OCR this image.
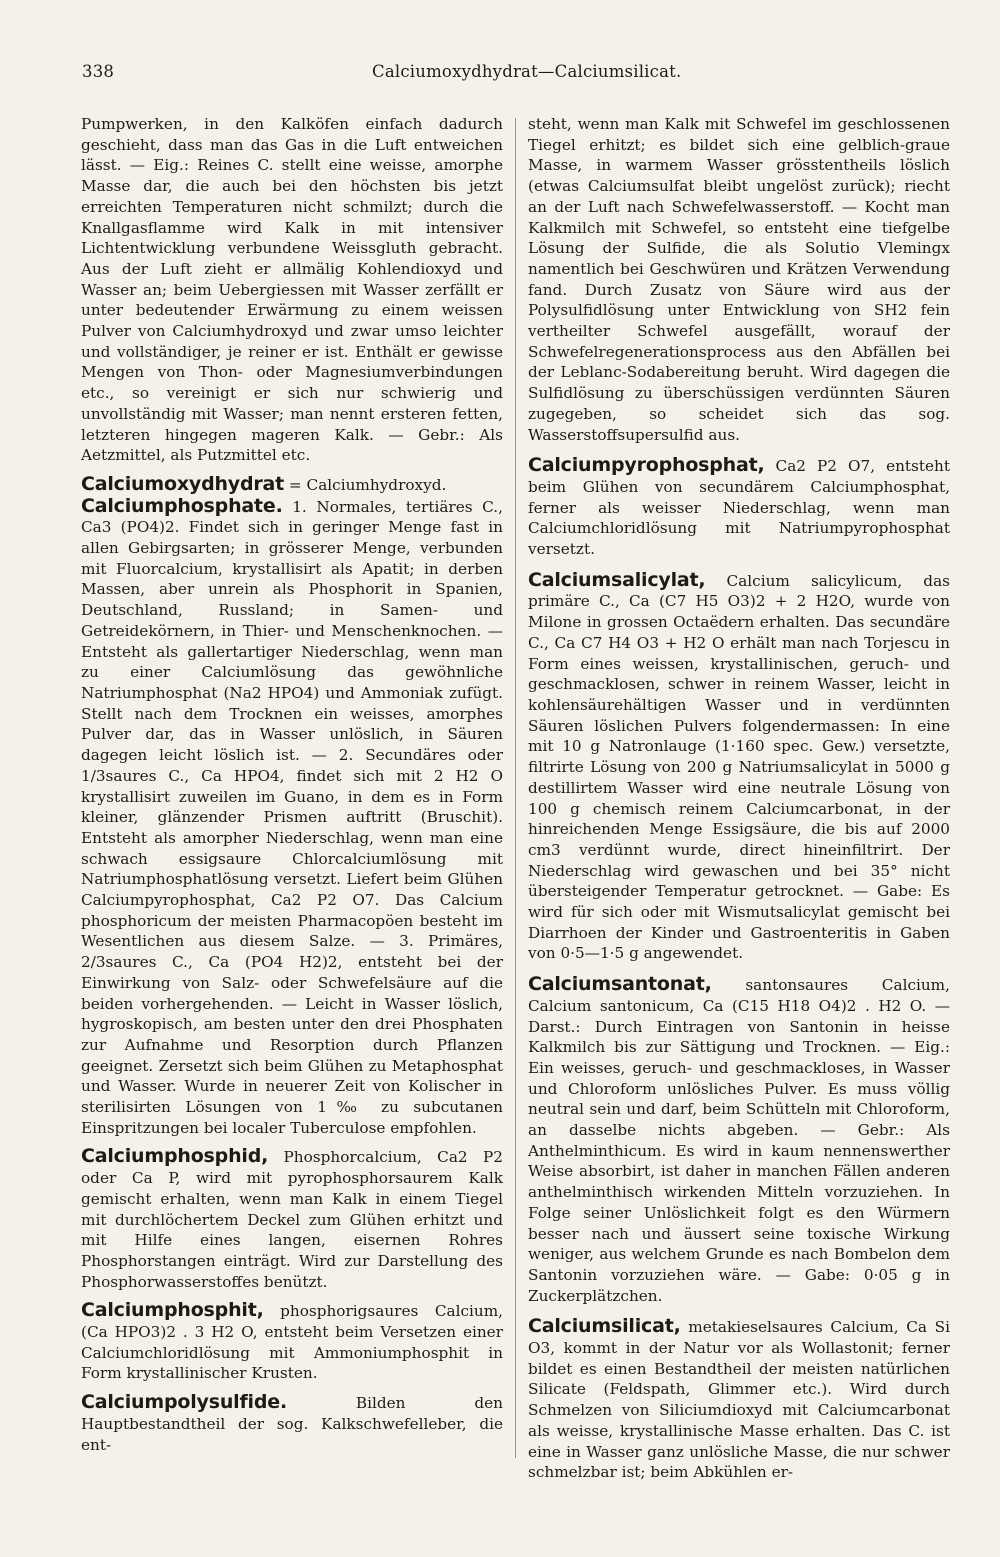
338	Calciumoxydhydrat—Calciumsilicat.

Pumpwerken, in den Kalköfen einfach dadurch geschieht, dass man das Gas in die Luft entweichen lässt. — Eig.: Reines C. stellt eine weisse, amorphe Masse dar, die auch bei den höchsten bis jetzt erreichten Temperaturen nicht schmilzt; durch die Knallgasflamme wird Kalk in mit intensiver Lichtentwicklung verbundene Weissgluth gebracht. Aus der Luft zieht er allmälig Kohlendioxyd und Wasser an; beim Uebergiessen mit Wasser zerfällt er unter bedeutender Erwärmung zu einem weissen Pulver von Calciumhydroxyd und zwar umso leichter und vollständiger, je reiner er ist. Enthält er gewisse Mengen von Thon- oder Magnesiumverbindungen etc., so vereinigt er sich nur schwierig und unvollständig mit Wasser; man nennt ersteren fetten, letzteren hingegen mageren Kalk. — Gebr.: Als Aetzmittel, als Putzmittel etc.

Calciumoxydhydrat = Calciumhydroxyd.

Calciumphosphate. 1. Normales, tertiäres C., Ca3 (PO4)2. Findet sich in geringer Menge fast in allen Gebirgsarten; in grösserer Menge, verbunden mit Fluorcalcium, krystallisirt als Apatit; in derben Massen, aber unrein als Phosphorit in Spanien, Deutschland, Russland; in Samen- und Getreidekörnern, in Thier- und Menschenknochen. — Entsteht als gallertartiger Niederschlag, wenn man zu einer Calciumlösung das gewöhnliche Natriumphosphat (Na2 HPO4) und Ammoniak zufügt. Stellt nach dem Trocknen ein weisses, amorphes Pulver dar, das in Wasser unlöslich, in Säuren dagegen leicht löslich ist. — 2. Secundäres oder 1/3saures C., Ca HPO4, findet sich mit 2 H2 O krystallisirt zuweilen im Guano, in dem es in Form kleiner, glänzender Prismen auftritt (Bruschit). Entsteht als amorpher Niederschlag, wenn man eine schwach essigsaure Chlorcalciumlösung mit Natriumphosphatlösung versetzt. Liefert beim Glühen Calciumpyrophosphat, Ca2 P2 O7. Das Calcium phosphoricum der meisten Pharmacopöen besteht im Wesentlichen aus diesem Salze. — 3. Primäres, 2/3saures C., Ca (PO4 H2)2, entsteht bei der Einwirkung von Salz- oder Schwefelsäure auf die beiden vorhergehenden. — Leicht in Wasser löslich, hygroskopisch, am besten unter den drei Phosphaten zur Aufnahme und Resorption durch Pflanzen geeignet. Zersetzt sich beim Glühen zu Metaphosphat und Wasser. Wurde in neuerer Zeit von Kolischer in sterilisirten Lösungen von 1‰ zu subcutanen Einspritzungen bei localer Tuberculose empfohlen.

Calciumphosphid, Phosphorcalcium, Ca2 P2 oder Ca P, wird mit pyrophosphorsaurem Kalk gemischt erhalten, wenn man Kalk in einem Tiegel mit durchlöchertem Deckel zum Glühen erhitzt und mit Hilfe eines langen, eisernen Rohres Phosphorstangen einträgt. Wird zur Darstellung des Phosphorwasserstoffes benützt.

Calciumphosphit, phosphorigsaures Calcium, (Ca HPO3)2 . 3 H2 O, entsteht beim Versetzen einer Calciumchloridlösung mit Ammoniumphosphit in Form krystallinischer Krusten.

Calciumpolysulfide. Bilden den Hauptbestandtheil der sog. Kalkschwefelleber, die ent-

steht, wenn man Kalk mit Schwefel im geschlossenen Tiegel erhitzt; es bildet sich eine gelblich-graue Masse, in warmem Wasser grösstentheils löslich (etwas Calciumsulfat bleibt ungelöst zurück); riecht an der Luft nach Schwefelwasserstoff. — Kocht man Kalkmilch mit Schwefel, so entsteht eine tiefgelbe Lösung der Sulfide, die als Solutio Vlemingx namentlich bei Geschwüren und Krätzen Verwendung fand. Durch Zusatz von Säure wird aus der Polysulfidlösung unter Entwicklung von SH2 fein vertheilter Schwefel ausgefällt, worauf der Schwefelregenerationsprocess aus den Abfällen bei der Leblanc-Sodabereitung beruht. Wird dagegen die Sulfidlösung zu überschüssigen verdünnten Säuren zugegeben, so scheidet sich das sog. Wasserstoffsupersulfid aus.

Calciumpyrophosphat, Ca2 P2 O7, entsteht beim Glühen von secundärem Calciumphosphat, ferner als weisser Niederschlag, wenn man Calciumchloridlösung mit Natriumpyrophosphat versetzt.

Calciumsalicylat, Calcium salicylicum, das primäre C., Ca (C7 H5 O3)2 + 2 H2O, wurde von Milone in grossen Octaëdern erhalten. Das secundäre C., Ca C7 H4 O3 + H2 O erhält man nach Torjescu in Form eines weissen, krystallinischen, geruch- und geschmacklosen, schwer in reinem Wasser, leicht in kohlensäurehältigen Wasser und in verdünnten Säuren löslichen Pulvers folgendermassen: In eine mit 10 g Natronlauge (1·160 spec. Gew.) versetzte, filtrirte Lösung von 200 g Natriumsalicylat in 5000 g destillirtem Wasser wird eine neutrale Lösung von 100 g chemisch reinem Calciumcarbonat, in der hinreichenden Menge Essigsäure, die bis auf 2000 cm3 verdünnt wurde, direct hineinfiltrirt. Der Niederschlag wird gewaschen und bei 35° nicht übersteigender Temperatur getrocknet. — Gabe: Es wird für sich oder mit Wismutsalicylat gemischt bei Diarrhoen der Kinder und Gastroenteritis in Gaben von 0·5—1·5 g angewendet.

Calciumsantonat, santonsaures Calcium, Calcium santonicum, Ca (C15 H18 O4)2 . H2 O. — Darst.: Durch Eintragen von Santonin in heisse Kalkmilch bis zur Sättigung und Trocknen. — Eig.: Ein weisses, geruch- und geschmackloses, in Wasser und Chloroform unlösliches Pulver. Es muss völlig neutral sein und darf, beim Schütteln mit Chloroform, an dasselbe nichts abgeben. — Gebr.: Als Anthelminthicum. Es wird in kaum nennenswerther Weise absorbirt, ist daher in manchen Fällen anderen anthelminthisch wirkenden Mitteln vorzuziehen. In Folge seiner Unlöslichkeit folgt es den Würmern besser nach und äussert seine toxische Wirkung weniger, aus welchem Grunde es nach Bombelon dem Santonin vorzuziehen wäre. — Gabe: 0·05 g in Zuckerplätzchen.

Calciumsilicat, metakieselsaures Calcium, Ca Si O3, kommt in der Natur vor als Wollastonit; ferner bildet es einen Bestandtheil der meisten natürlichen Silicate (Feldspath, Glimmer etc.). Wird durch Schmelzen von Siliciumdioxyd mit Calciumcarbonat als weisse, krystallinische Masse erhalten. Das C. ist eine in Wasser ganz unlösliche Masse, die nur schwer schmelzbar ist; beim Abkühlen er-
